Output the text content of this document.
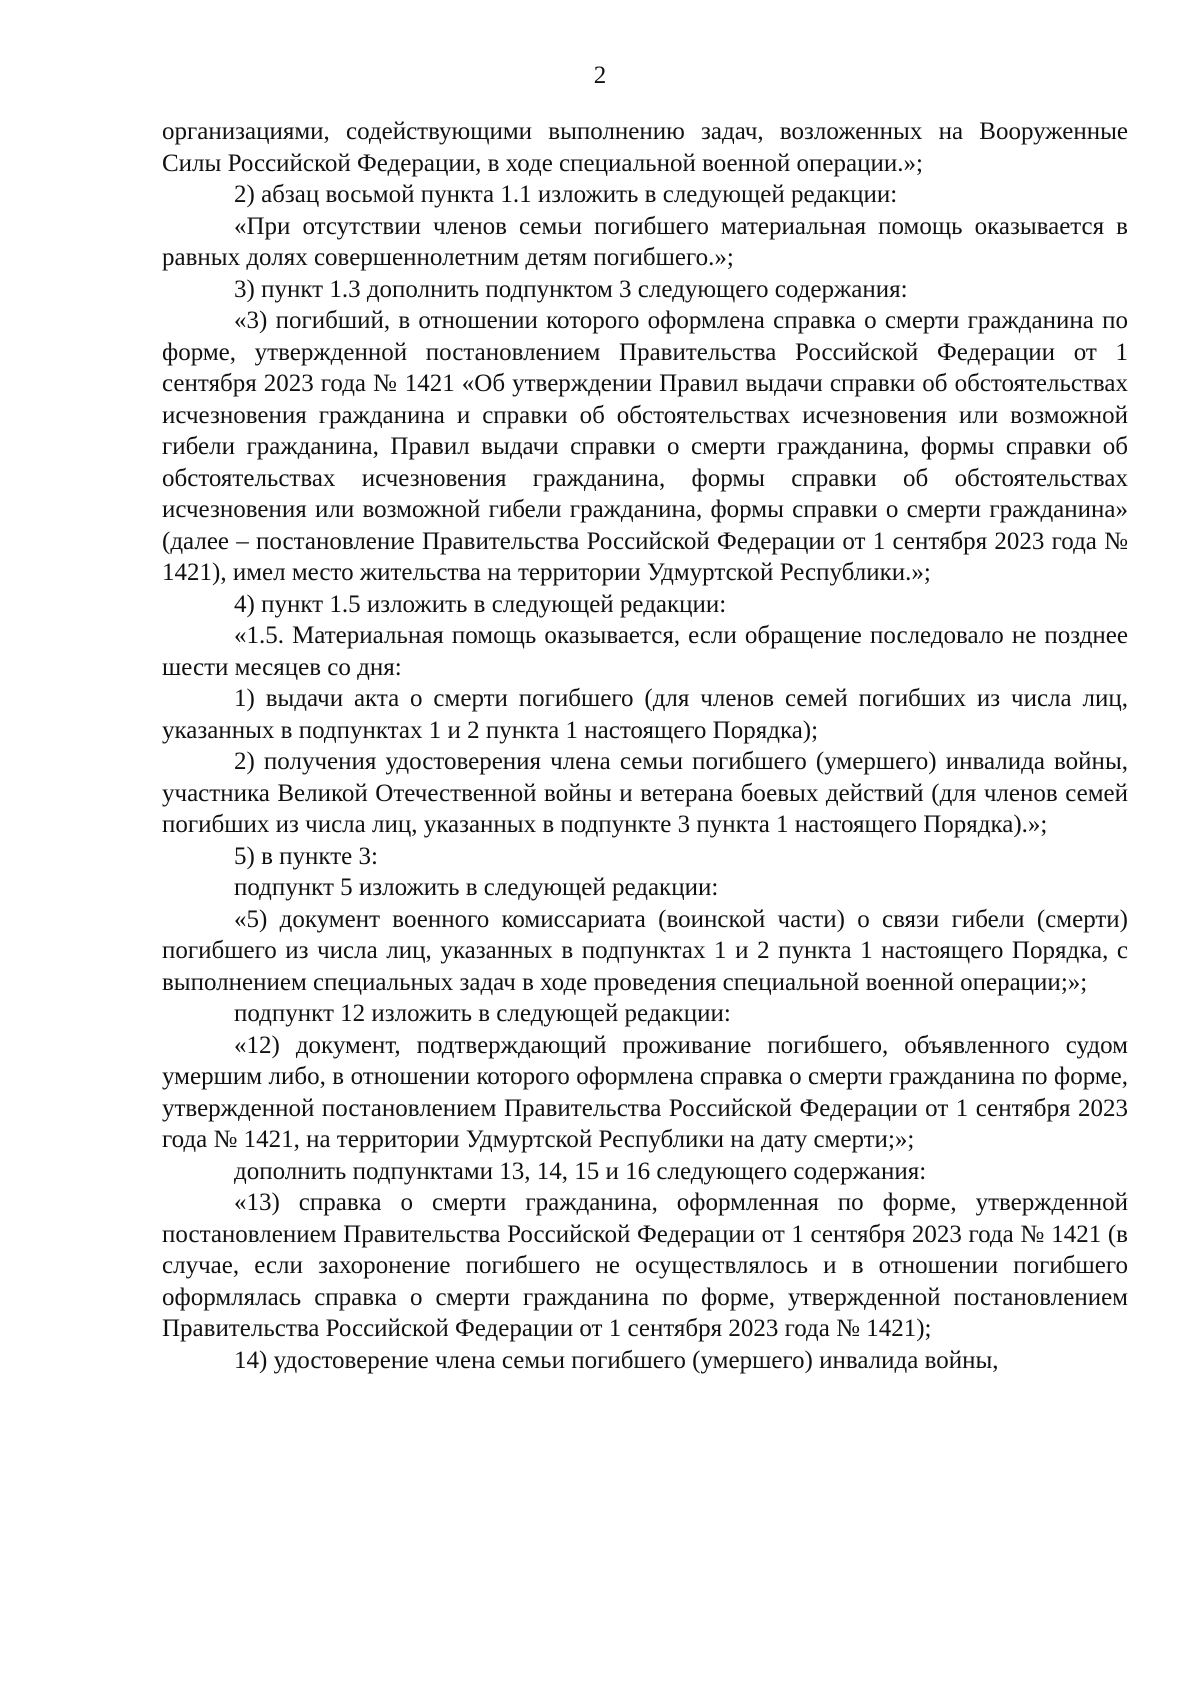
2

организациями, содействующими выполнению задач, возложенных на Вооруженные Силы Российской Федерации, в ходе специальной военной операции.»;

2) абзац восьмой пункта 1.1 изложить в следующей редакции:

«При отсутствии членов семьи погибшего материальная помощь оказывается в равных долях совершеннолетним детям погибшего.»;

3) пункт 1.3 дополнить подпунктом 3 следующего содержания:

«3) погибший, в отношении которого оформлена справка о смерти гражданина по форме, утвержденной постановлением Правительства Российской Федерации от 1 сентября 2023 года № 1421 «Об утверждении Правил выдачи справки об обстоятельствах исчезновения гражданина и справки об обстоятельствах исчезновения или возможной гибели гражданина, Правил выдачи справки о смерти гражданина, формы справки об обстоятельствах исчезновения гражданина, формы справки об обстоятельствах исчезновения или возможной гибели гражданина, формы справки о смерти гражданина» (далее – постановление Правительства Российской Федерации от 1 сентября 2023 года № 1421), имел место жительства на территории Удмуртской Республики.»;

4) пункт 1.5 изложить в следующей редакции:

«1.5. Материальная помощь оказывается, если обращение последовало не позднее шести месяцев со дня:

1) выдачи акта о смерти погибшего (для членов семей погибших из числа лиц, указанных в подпунктах 1 и 2 пункта 1 настоящего Порядка);

2) получения удостоверения члена семьи погибшего (умершего) инвалида войны, участника Великой Отечественной войны и ветерана боевых действий (для членов семей погибших из числа лиц, указанных в подпункте 3 пункта 1 настоящего Порядка).»;

5) в пункте 3:

подпункт 5 изложить в следующей редакции:

«5) документ военного комиссариата (воинской части) о связи гибели (смерти) погибшего из числа лиц, указанных в подпунктах 1 и 2 пункта 1 настоящего Порядка, с выполнением специальных задач в ходе проведения специальной военной операции;»;

подпункт 12 изложить в следующей редакции:

«12) документ, подтверждающий проживание погибшего, объявленного судом умершим либо, в отношении которого оформлена справка о смерти гражданина по форме, утвержденной постановлением Правительства Российской Федерации от 1 сентября 2023 года № 1421, на территории Удмуртской Республики на дату смерти;»;

дополнить подпунктами 13, 14, 15 и 16 следующего содержания:

«13) справка о смерти гражданина, оформленная по форме, утвержденной постановлением Правительства Российской Федерации от 1 сентября 2023 года № 1421 (в случае, если захоронение погибшего не осуществлялось и в отношении погибшего оформлялась справка о смерти гражданина по форме, утвержденной постановлением Правительства Российской Федерации от 1 сентября 2023 года № 1421);

14) удостоверение члена семьи погибшего (умершего) инвалида войны,
